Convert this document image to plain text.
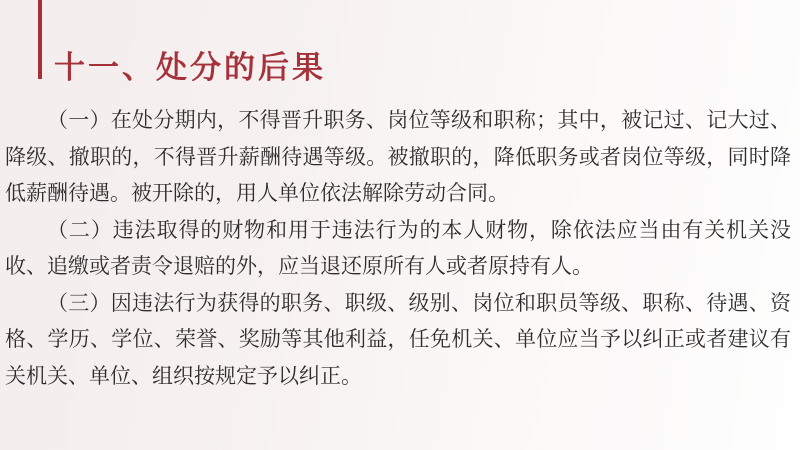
十一、处分的后果

（一）在处分期内，不得晋升职务、岗位等级和职称；其中，被记过、记大过、降级、撤职的，不得晋升薪酬待遇等级。被撤职的，降低职务或者岗位等级，同时降低薪酬待遇。被开除的，用人单位依法解除劳动合同。

（二）违法取得的财物和用于违法行为的本人财物，除依法应当由有关机关没收、追缴或者责令退赔的外，应当退还原所有人或者原持有人。

（三）因违法行为获得的职务、职级、级别、岗位和职员等级、职称、待遇、资格、学历、学位、荣誉、奖励等其他利益，任免机关、单位应当予以纠正或者建议有关机关、单位、组织按规定予以纠正。
